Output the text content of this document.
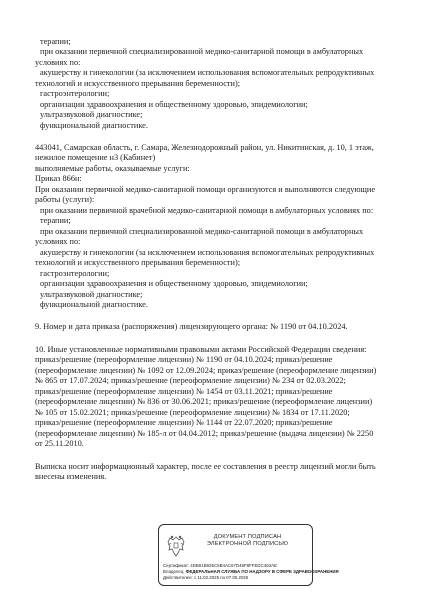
терапии;
при оказании первичной специализированной медико-санитарной помощи в амбулаторных
условиях по:
акушерству и гинекологии (за исключением использования вспомогательных репродуктивных
технологий и искусственного прерывания беременности);
гастроэнтерологии;
организации здравоохранения и общественному здоровью, эпидемиологии;
ультразвуковой диагностике;
функциональной диагностике.
443041, Самарская область, г. Самара, Железнодорожный район, ул. Никитинская, д. 10, 1 этаж,
нежилое помещение н3 (Кабинет)
выполняемые работы, оказываемые услуги:
Приказ 866н:
При оказании первичной медико-санитарной помощи организуются и выполняются следующие
работы (услуги):
при оказании первичной врачебной медико-санитарной помощи в амбулаторных условиях по:
терапии;
при оказании первичной специализированной медико-санитарной помощи в амбулаторных
условиях по:
акушерству и гинекологии (за исключением использования вспомогательных репродуктивных
технологий и искусственного прерывания беременности);
гастроэнтерологии;
организации здравоохранения и общественному здоровью, эпидемиологии;
ультразвуковой диагностике;
функциональной диагностике.
9. Номер и дата приказа (распоряжения) лицензирующего органа: № 1190 от 04.10.2024.
10. Иные установленные нормативными правовыми актами Российской Федерации сведения:
приказ/решение (переоформление лицензии) № 1190 от 04.10.2024; приказ/решение
(переоформление лицензии) № 1092 от 12.09.2024; приказ/решение (переоформление лицензии)
№ 865 от 17.07.2024; приказ/решение (переоформление лицензии) № 234 от 02.03.2022;
приказ/решение (переоформление лицензии) № 1454 от 03.11.2021; приказ/решение
(переоформление лицензии) № 836 от 30.06.2021; приказ/решение (переоформление лицензии)
№ 105 от 15.02.2021; приказ/решение (переоформление лицензии) № 1834 от 17.11.2020;
приказ/решение (переоформление лицензии) № 1144 от 22.07.2020; приказ/решение
(переоформление лицензии) № 185-л от 04.04.2012; приказ/решение (выдача лицензии) № 2250
от 25.11.2010.
Выписка носит информационный характер, после ее составления в реестр лицензий могли быть
внесены изменения.
ДОКУМЕНТ ПОДПИСАН
ЭЛЕКТРОННОЙ ПОДПИСЬЮ
Сертификат: 4DB91B925C5B4AC67D49F8FFEDC463AE
Владелец: ФЕДЕРАЛЬНАЯ СЛУЖБА ПО НАДЗОРУ В СФЕРЕ ЗДРАВООХРАНЕНИЯ
Действителен: с 11.02.2025 по 07.05.2026
